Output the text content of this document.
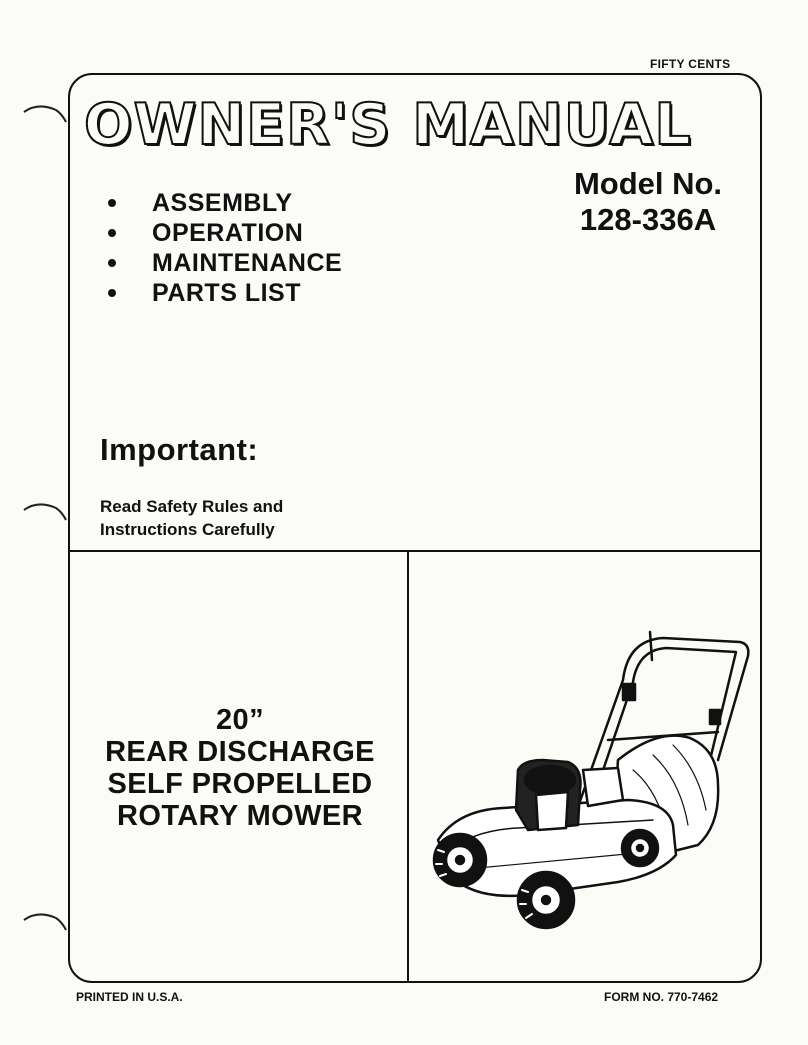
FIFTY CENTS
OWNER'S MANUAL
Model No.
128-336A
ASSEMBLY
OPERATION
MAINTENANCE
PARTS LIST
Important:
Read Safety Rules and
Instructions Carefully
20”
REAR DISCHARGE
SELF PROPELLED
ROTARY MOWER
PRINTED IN U.S.A.	FORM NO. 770-7462
